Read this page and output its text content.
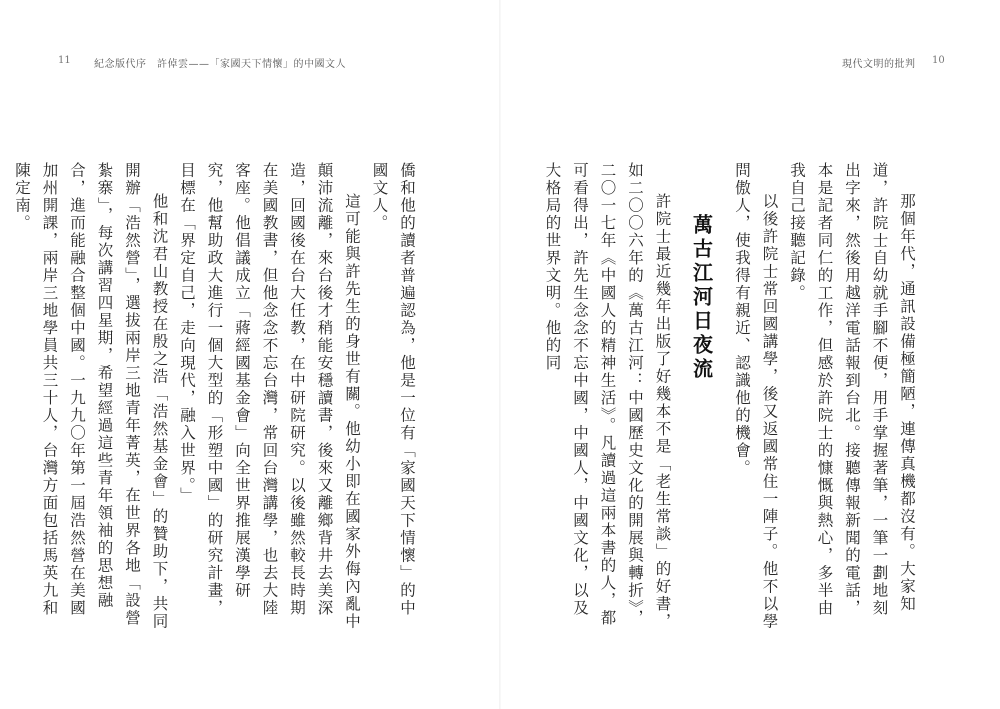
11 紀念版代序　許倬雲——「家國天下情懷」的中國文人

僑和他的讀者普遍認為，他是一位有「家國天下情懷」的中國文人。

這可能與許先生的身世有關。他幼小即在國家外侮內亂中顛沛流離，來台後才稍能安穩讀書，後來又離鄉背井去美深造，回國後在台大任教，在中研院研究。以後雖然較長時期在美國教書，但他念念不忘台灣，常回台灣講學，也去大陸客座。他倡議成立「蔣經國基金會」向全世界推展漢學研究，他幫助政大進行一個大型的「形塑中國」的研究計畫，目標在「界定自己，走向現代，融入世界。」

他和沈君山教授在殷之浩「浩然基金會」的贊助下，共同開辦「浩然營」，選拔兩岸三地青年菁英，在世界各地「設營紮寨」，每次講習四星期，希望經過這些青年領袖的思想融合，進而能融合整個中國。一九九〇年第一屆浩然營在美國加州開課，兩岸三地學員共三十人，台灣方面包括馬英九和陳定南。

現代文明的批判 10

那個年代，通訊設備極簡陋，連傳真機都沒有。大家知道，許院士自幼就手腳不便，用手掌握著筆，一筆一劃地刻出字來，然後用越洋電話報到台北。接聽傳報新聞的電話，本是記者同仁的工作，但感於許院士的慷慨與熱心，多半由我自己接聽記錄。

以後許院士常回國講學，後又返國常住一陣子。他不以學問傲人，使我得有親近、認識他的機會。

萬古江河日夜流

許院士最近幾年出版了好幾本不是「老生常談」的好書，如二〇〇六年的《萬古江河：中國歷史文化的開展與轉折》，二〇一七年《中國人的精神生活》。凡讀過這兩本書的人，都可看得出，許先生念念不忘中國，中國人，中國文化，以及大格局的世界文明。他的同
